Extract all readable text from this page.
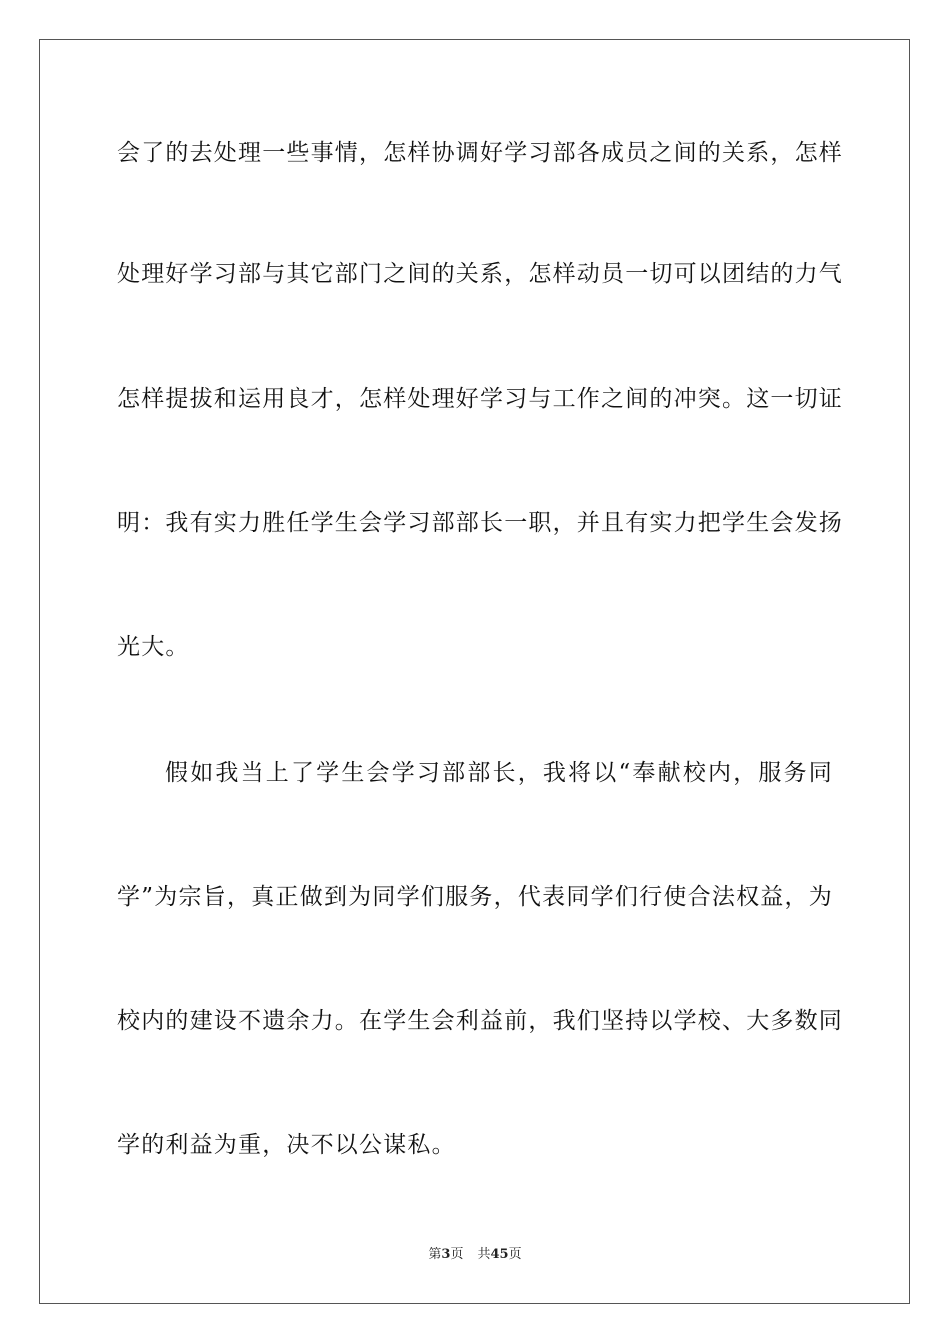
会了的去处理一些事情，怎样协调好学习部各成员之间的关系，怎样
处理好学习部与其它部门之间的关系，怎样动员一切可以团结的力气
怎样提拔和运用良才，怎样处理好学习与工作之间的冲突。这一切证
明：我有实力胜任学生会学习部部长一职，并且有实力把学生会发扬
光大。
假如我当上了学生会学习部部长，我将以“奉献校内，服务同
学”为宗旨，真正做到为同学们服务，代表同学们行使合法权益，为
校内的建设不遗余力。在学生会利益前，我们坚持以学校、大多数同
学的利益为重，决不以公谋私。
第3页 共45页
